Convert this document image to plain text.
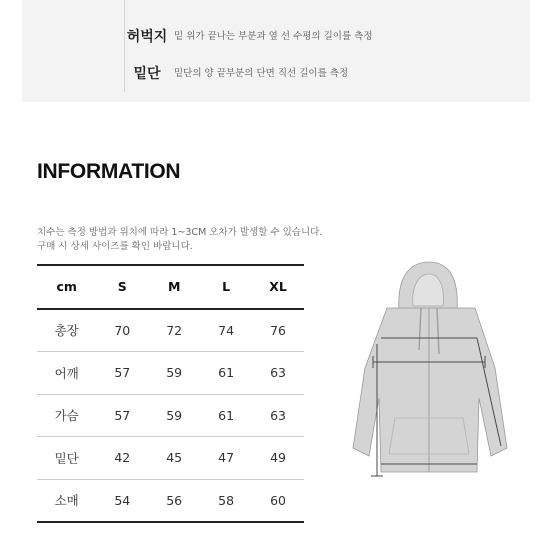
허벅지 밑 위가 끝나는 부분과 옆 선 수평의 길이를 측정
밑단	밑단의 양 끝부분의 단면 직선 길이를 측정
INFORMATION
치수는 측정 방법과 위치에 따라 1~3CM 오차가 발생할 수 있습니다.
구매 시 상세 사이즈를 확인 바랍니다.
cm	S	M	L	XL
총장	70	72	74	76
어깨	57	59	61	63
가슴	57	59	61	63
밑단	42	45	47	49
소매	54	56	58	60
